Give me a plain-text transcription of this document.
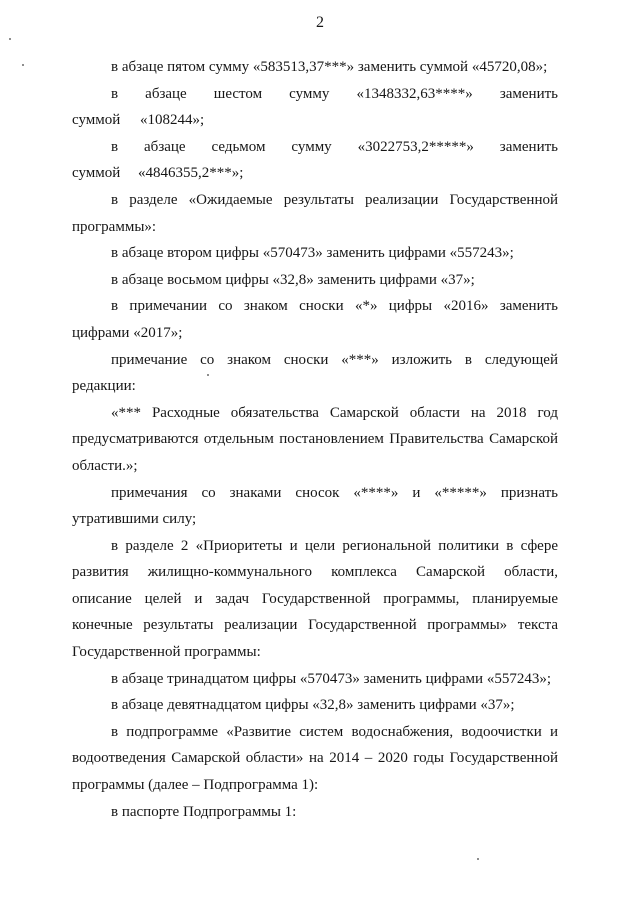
2

в абзаце пятом сумму «583513,37***» заменить суммой «45720,08»;

в абзаце шестом сумму «1348332,63****» заменить суммой «108244»;

в абзаце седьмом сумму «3022753,2*****» заменить суммой «4846355,2***»;

в разделе «Ожидаемые результаты реализации Государственной программы»:

в абзаце втором цифры «570473» заменить цифрами «557243»;

в абзаце восьмом цифры «32,8» заменить цифрами «37»;

в примечании со знаком сноски «*» цифры «2016» заменить цифрами «2017»;

примечание со знаком сноски «***» изложить в следующей редакции:

«*** Расходные обязательства Самарской области на 2018 год предусматриваются отдельным постановлением Правительства Самарской области.»;

примечания со знаками сносок «****» и «*****» признать утратившими силу;

в разделе 2 «Приоритеты и цели региональной политики в сфере развития жилищно-коммунального комплекса Самарской области, описание целей и задач Государственной программы, планируемые конечные результаты реализации Государственной программы» текста Государственной программы:

в абзаце тринадцатом цифры «570473» заменить цифрами «557243»;

в абзаце девятнадцатом цифры «32,8» заменить цифрами «37»;

в подпрограмме «Развитие систем водоснабжения, водоочистки и водоотведения Самарской области» на 2014 – 2020 годы Государственной программы (далее – Подпрограмма 1):

в паспорте Подпрограммы 1:
